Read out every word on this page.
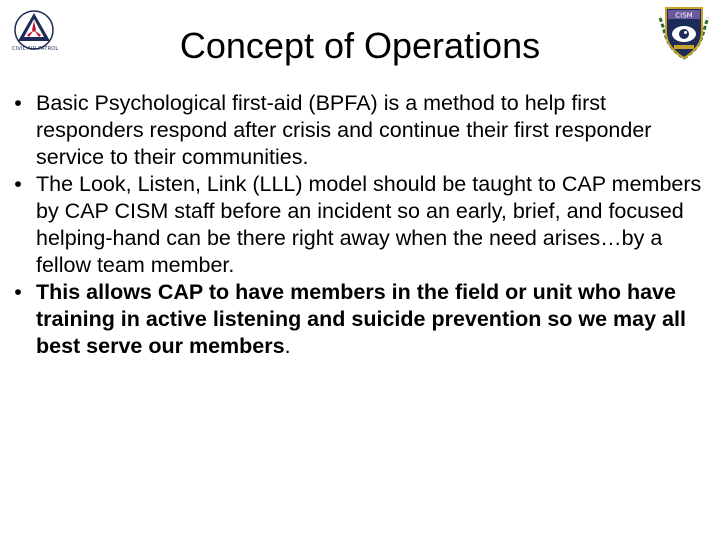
CIVIL AIR PATROL
CISM
Concept of Operations
• Basic Psychological first-aid (BPFA) is a method to help first responders respond after crisis and continue their first responder service to their communities.
• The Look, Listen, Link (LLL) model should be taught to CAP members by CAP CISM staff before an incident so an early, brief, and focused helping-hand can be there right away when the need arises…by a fellow team member.
• This allows CAP to have members in the field or unit who have training in active listening and suicide prevention so we may all best serve our members.
